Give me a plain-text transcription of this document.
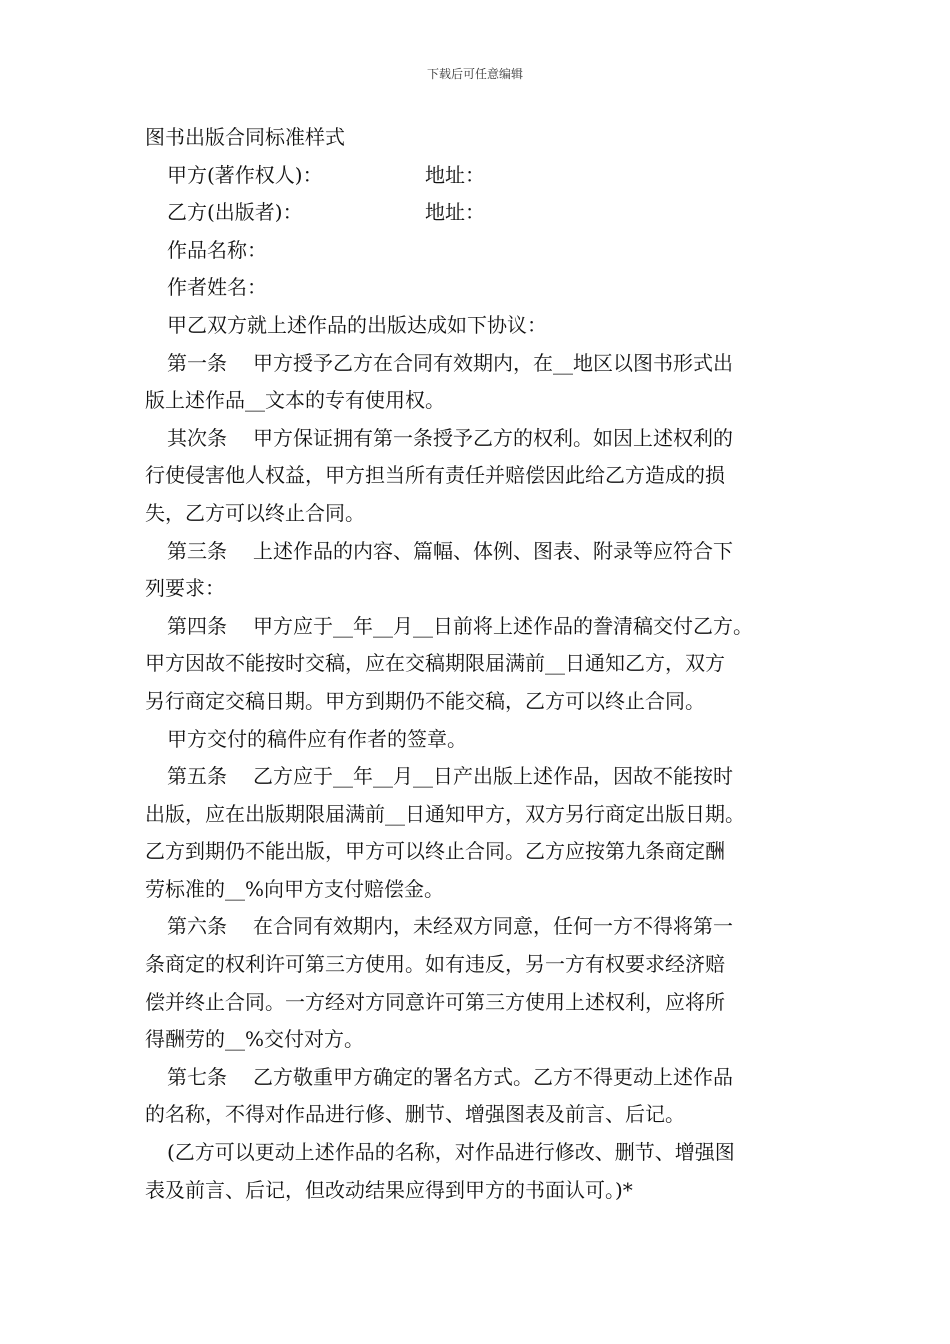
下载后可任意编辑
图书出版合同标准样式
甲方(著作权人)：	地址：
乙方(出版者)：	地址：
作品名称：
作者姓名：
甲乙双方就上述作品的出版达成如下协议：
第一条 甲方授予乙方在合同有效期内，在__地区以图书形式出
版上述作品__文本的专有使用权。
其次条 甲方保证拥有第一条授予乙方的权利。如因上述权利的
行使侵害他人权益，甲方担当所有责任并赔偿因此给乙方造成的损
失，乙方可以终止合同。
第三条 上述作品的内容、篇幅、体例、图表、附录等应符合下
列要求：
第四条 甲方应于__年__月__日前将上述作品的誊清稿交付乙方。
甲方因故不能按时交稿，应在交稿期限届满前__日通知乙方，双方
另行商定交稿日期。甲方到期仍不能交稿，乙方可以终止合同。
甲方交付的稿件应有作者的签章。
第五条 乙方应于__年__月__日产出版上述作品，因故不能按时
出版，应在出版期限届满前__日通知甲方，双方另行商定出版日期。
乙方到期仍不能出版，甲方可以终止合同。乙方应按第九条商定酬
劳标准的__%向甲方支付赔偿金。
第六条 在合同有效期内，未经双方同意，任何一方不得将第一
条商定的权利许可第三方使用。如有违反，另一方有权要求经济赔
偿并终止合同。一方经对方同意许可第三方使用上述权利，应将所
得酬劳的__%交付对方。
第七条 乙方敬重甲方确定的署名方式。乙方不得更动上述作品
的名称，不得对作品进行修、删节、增强图表及前言、后记。
(乙方可以更动上述作品的名称，对作品进行修改、删节、增强图
表及前言、后记，但改动结果应得到甲方的书面认可。)*
